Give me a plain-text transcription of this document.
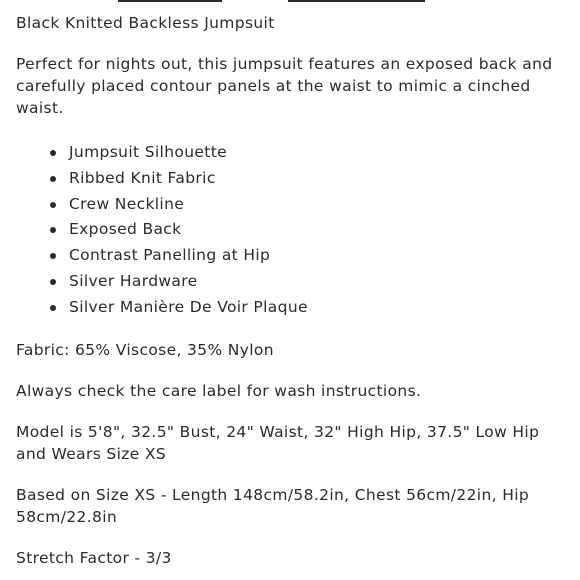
Black Knitted Backless Jumpsuit

Perfect for nights out, this jumpsuit features an exposed back and carefully placed contour panels at the waist to mimic a cinched waist.

Jumpsuit Silhouette
Ribbed Knit Fabric
Crew Neckline
Exposed Back
Contrast Panelling at Hip
Silver Hardware
Silver Manière De Voir Plaque

Fabric: 65% Viscose, 35% Nylon

Always check the care label for wash instructions.

Model is 5'8", 32.5" Bust, 24" Waist, 32" High Hip, 37.5" Low Hip and Wears Size XS

Based on Size XS - Length 148cm/58.2in, Chest 56cm/22in, Hip 58cm/22.8in

Stretch Factor - 3/3
